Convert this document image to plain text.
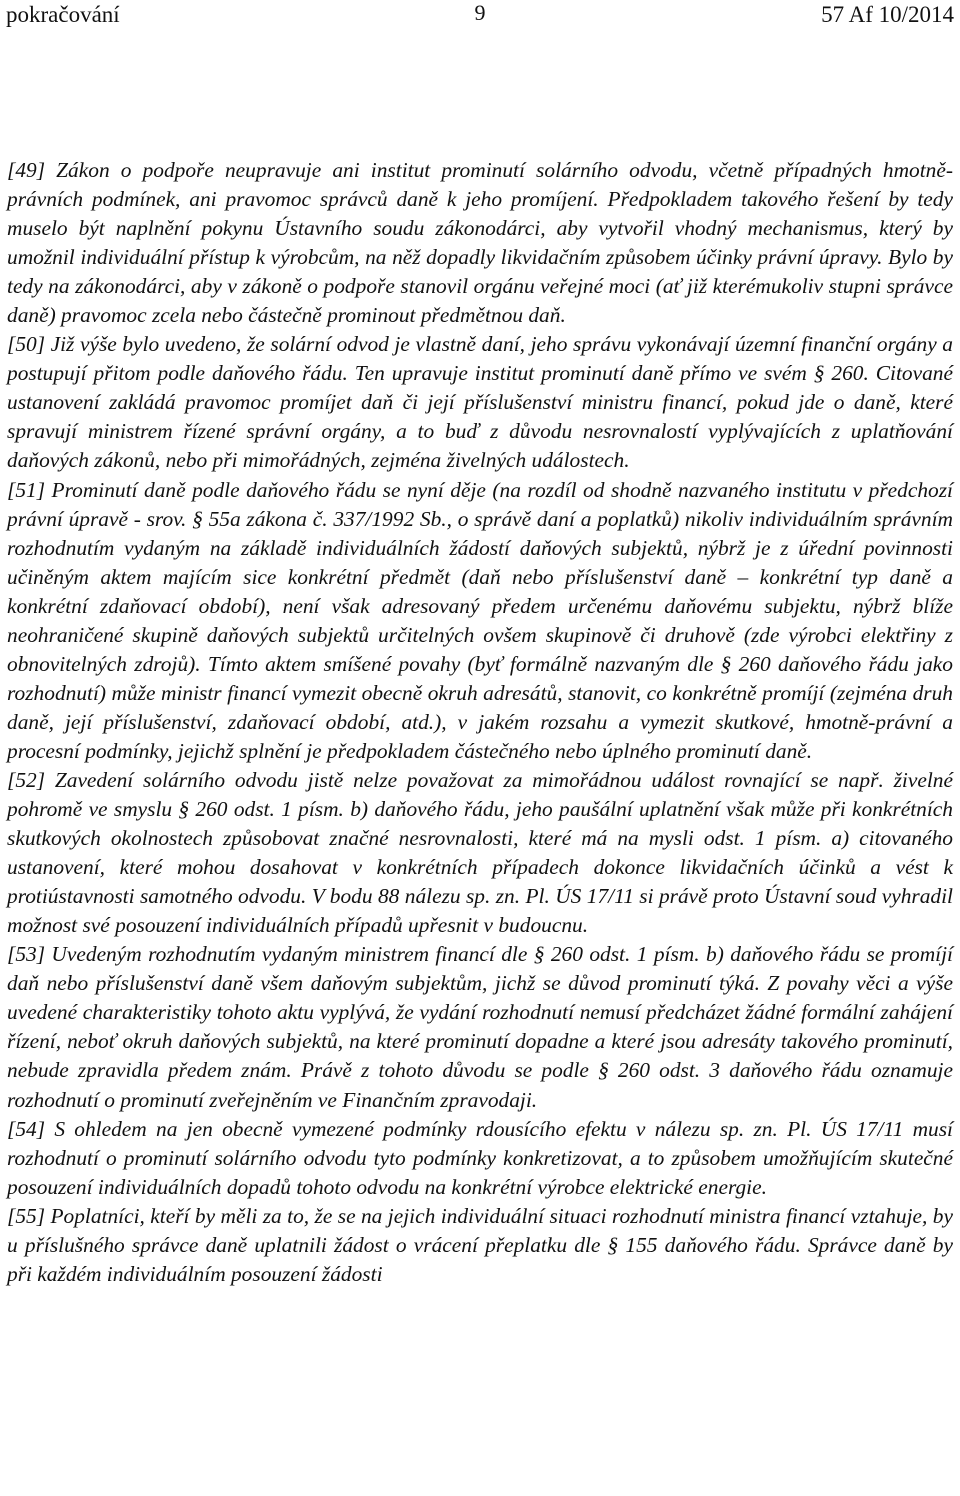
pokračování	9	57 Af 10/2014

[49] Zákon o podpoře neupravuje ani institut prominutí solárního odvodu, včetně případných hmotně-právních podmínek, ani pravomoc správců daně k jeho promíjení. Předpokladem takového řešení by tedy muselo být naplnění pokynu Ústavního soudu zákonodárci, aby vytvořil vhodný mechanismus, který by umožnil individuální přístup k výrobcům, na něž dopadly likvidačním způsobem účinky právní úpravy. Bylo by tedy na zákonodárci, aby v zákoně o podpoře stanovil orgánu veřejné moci (ať již kterémukoliv stupni správce daně) pravomoc zcela nebo částečně prominout předmětnou daň.

[50] Již výše bylo uvedeno, že solární odvod je vlastně daní, jeho správu vykonávají územní finanční orgány a postupují přitom podle daňového řádu. Ten upravuje institut prominutí daně přímo ve svém § 260. Citované ustanovení zakládá pravomoc promíjet daň či její příslušenství ministru financí, pokud jde o daně, které spravují ministrem řízené správní orgány, a to buď z důvodu nesrovnalostí vyplývajících z uplatňování daňových zákonů, nebo při mimořádných, zejména živelných událostech.

[51] Prominutí daně podle daňového řádu se nyní děje (na rozdíl od shodně nazvaného institutu v předchozí právní úpravě - srov. § 55a zákona č. 337/1992 Sb., o správě daní a poplatků) nikoliv individuálním správním rozhodnutím vydaným na základě individuálních žádostí daňových subjektů, nýbrž je z úřední povinnosti učiněným aktem majícím sice konkrétní předmět (daň nebo příslušenství daně – konkrétní typ daně a konkrétní zdaňovací období), není však adresovaný předem určenému daňovému subjektu, nýbrž blíže neohraničené skupině daňových subjektů určitelných ovšem skupinově či druhově (zde výrobci elektřiny z obnovitelných zdrojů). Tímto aktem smíšené povahy (byť formálně nazvaným dle § 260 daňového řádu jako rozhodnutí) může ministr financí vymezit obecně okruh adresátů, stanovit, co konkrétně promíjí (zejména druh daně, její příslušenství, zdaňovací období, atd.), v jakém rozsahu a vymezit skutkové, hmotně-právní a procesní podmínky, jejichž splnění je předpokladem částečného nebo úplného prominutí daně.

[52] Zavedení solárního odvodu jistě nelze považovat za mimořádnou událost rovnající se např. živelné pohromě ve smyslu § 260 odst. 1 písm. b) daňového řádu, jeho paušální uplatnění však může při konkrétních skutkových okolnostech způsobovat značné nesrovnalosti, které má na mysli odst. 1 písm. a) citovaného ustanovení, které mohou dosahovat v konkrétních případech dokonce likvidačních účinků a vést k protiústavnosti samotného odvodu. V bodu 88 nálezu sp. zn. Pl. ÚS 17/11 si právě proto Ústavní soud vyhradil možnost své posouzení individuálních případů upřesnit v budoucnu.

[53] Uvedeným rozhodnutím vydaným ministrem financí dle § 260 odst. 1 písm. b) daňového řádu se promíjí daň nebo příslušenství daně všem daňovým subjektům, jichž se důvod prominutí týká. Z povahy věci a výše uvedené charakteristiky tohoto aktu vyplývá, že vydání rozhodnutí nemusí předcházet žádné formální zahájení řízení, neboť okruh daňových subjektů, na které prominutí dopadne a které jsou adresáty takového prominutí, nebude zpravidla předem znám. Právě z tohoto důvodu se podle § 260 odst. 3 daňového řádu oznamuje rozhodnutí o prominutí zveřejněním ve Finančním zpravodaji.

[54] S ohledem na jen obecně vymezené podmínky rdousícího efektu v nálezu sp. zn. Pl. ÚS 17/11 musí rozhodnutí o prominutí solárního odvodu tyto podmínky konkretizovat, a to způsobem umožňujícím skutečné posouzení individuálních dopadů tohoto odvodu na konkrétní výrobce elektrické energie.

[55] Poplatníci, kteří by měli za to, že se na jejich individuální situaci rozhodnutí ministra financí vztahuje, by u příslušného správce daně uplatnili žádost o vrácení přeplatku dle § 155 daňového řádu. Správce daně by při každém individuálním posouzení žádosti
